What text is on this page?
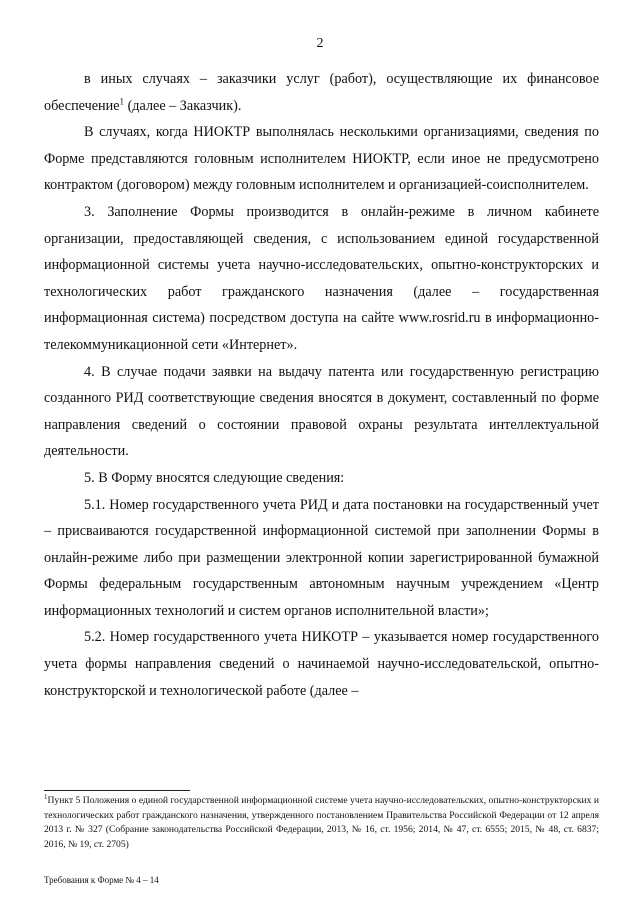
2

в иных случаях – заказчики услуг (работ), осуществляющие их финансовое обеспечение$^1$ (далее – Заказчик).

В случаях, когда НИОКТР выполнялась несколькими организациями, сведения по Форме представляются головным исполнителем НИОКТР, если иное не предусмотрено контрактом (договором) между головным исполнителем и организацией-соисполнителем.

3. Заполнение Формы производится в онлайн-режиме в личном кабинете организации, предоставляющей сведения, с использованием единой государственной информационной системы учета научно-исследовательских, опытно-конструкторских и технологических работ гражданского назначения (далее – государственная информационная система) посредством доступа на сайте www.rosrid.ru в информационно-телекоммуникационной сети «Интернет».

4. В случае подачи заявки на выдачу патента или государственную регистрацию созданного РИД соответствующие сведения вносятся в документ, составленный по форме направления сведений о состоянии правовой охраны результата интеллектуальной деятельности.

5. В Форму вносятся следующие сведения:

5.1. Номер государственного учета РИД и дата постановки на государственный учет – присваиваются государственной информационной системой при заполнении Формы в онлайн-режиме либо при размещении электронной копии зарегистрированной бумажной Формы федеральным государственным автономным научным учреждением «Центр информационных технологий и систем органов исполнительной власти»;

5.2. Номер государственного учета НИКОТР – указывается номер государственного учета формы направления сведений о начинаемой научно-исследовательской, опытно-конструкторской и технологической работе (далее –

$^1$Пункт 5 Положения о единой государственной информационной системе учета научно-исследовательских, опытно-конструкторских и технологических работ гражданского назначения, утвержденного постановлением Правительства Российской Федерации от 12 апреля 2013 г. № 327 (Собрание законодательства Российской Федерации, 2013, № 16, ст. 1956; 2014, № 47, ст. 6555; 2015, № 48, ст. 6837; 2016, № 19, ст. 2705)

Требования к Форме № 4 – 14
